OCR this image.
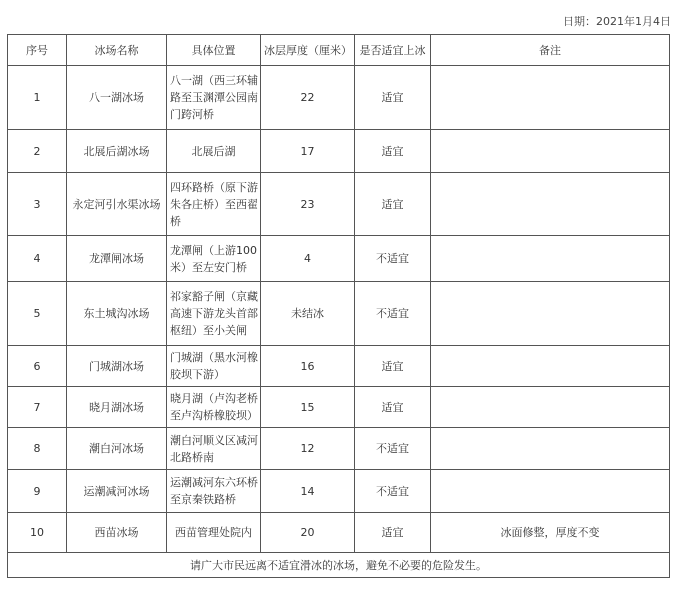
日期：2021年1月4日
序号	冰场名称	具体位置	冰层厚度（厘米）	是否适宜上冰	备注
1	八一湖冰场	八一湖（西三环辅路至玉渊潭公园南门跨河桥	22	适宜	
2	北展后湖冰场	北展后湖	17	适宜	
3	永定河引水渠冰场	四环路桥（原下游朱各庄桥）至西翟桥	23	适宜	
4	龙潭闸冰场	龙潭闸（上游100米）至左安门桥	4	不适宜	
5	东土城沟冰场	祁家豁子闸（京藏高速下游龙头首部枢纽）至小关闸	未结冰	不适宜	
6	门城湖冰场	门城湖（黑水河橡胶坝下游）	16	适宜	
7	晓月湖冰场	晓月湖（卢沟老桥至卢沟桥橡胶坝）	15	适宜	
8	潮白河冰场	潮白河顺义区减河北路桥南	12	不适宜	
9	运潮减河冰场	运潮减河东六环桥至京秦铁路桥	14	不适宜	
10	西苗冰场	西苗管理处院内	20	适宜	冰面修整，厚度不变
请广大市民远离不适宜滑冰的冰场，避免不必要的危险发生。					
